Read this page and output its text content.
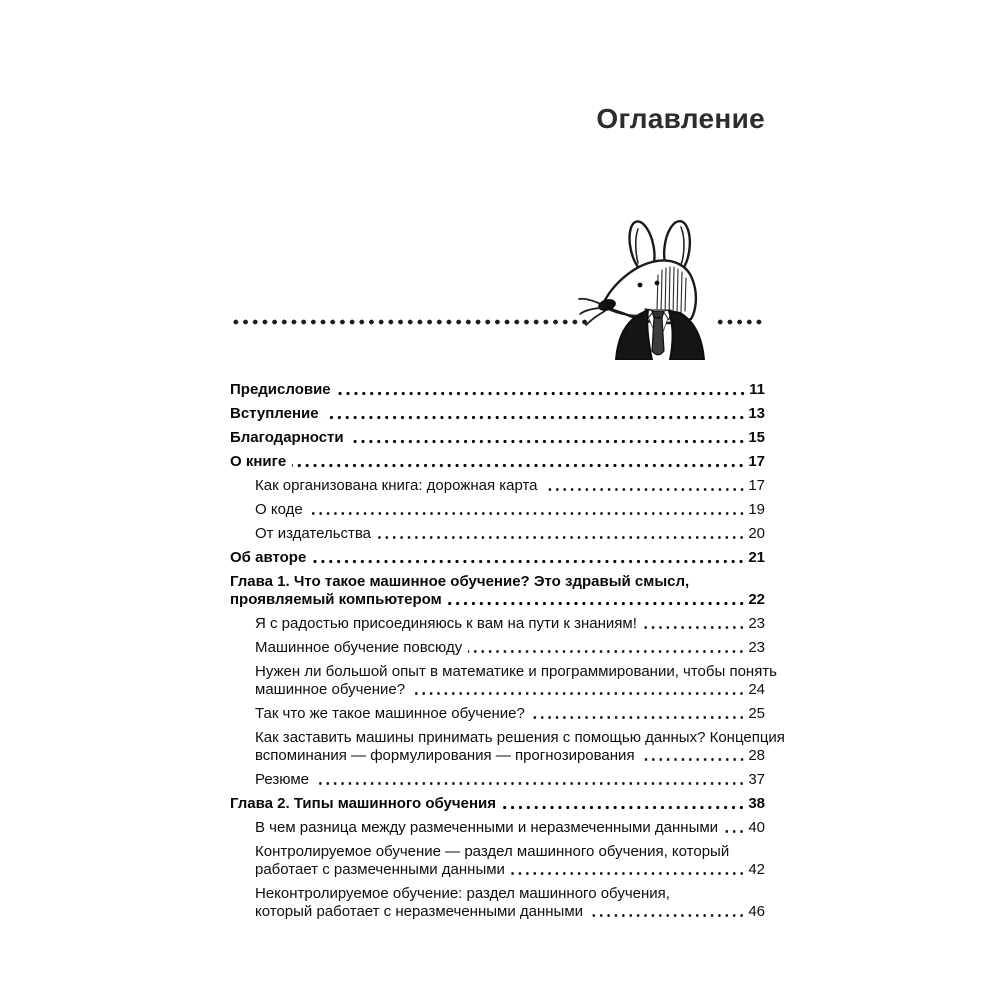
Оглавление
Предисловие	11
Вступление	13
Благодарности	15
О книге	17
Как организована книга: дорожная карта	17
О коде	19
От издательства	20
Об авторе	21
Глава 1. Что такое машинное обучение? Это здравый смысл,
проявляемый компьютером	22
Я с радостью присоединяюсь к вам на пути к знаниям!	23
Машинное обучение повсюду	23
Нужен ли большой опыт в математике и программировании, чтобы понять
машинное обучение?	24
Так что же такое машинное обучение?	25
Как заставить машины принимать решения с помощью данных? Концепция
вспоминания — формулирования — прогнозирования	28
Резюме	37
Глава 2. Типы машинного обучения	38
В чем разница между размеченными и неразмеченными данными 40
Контролируемое обучение — раздел машинного обучения, который
работает с размеченными данными	42
Неконтролируемое обучение: раздел машинного обучения,
который работает с неразмеченными данными	46
